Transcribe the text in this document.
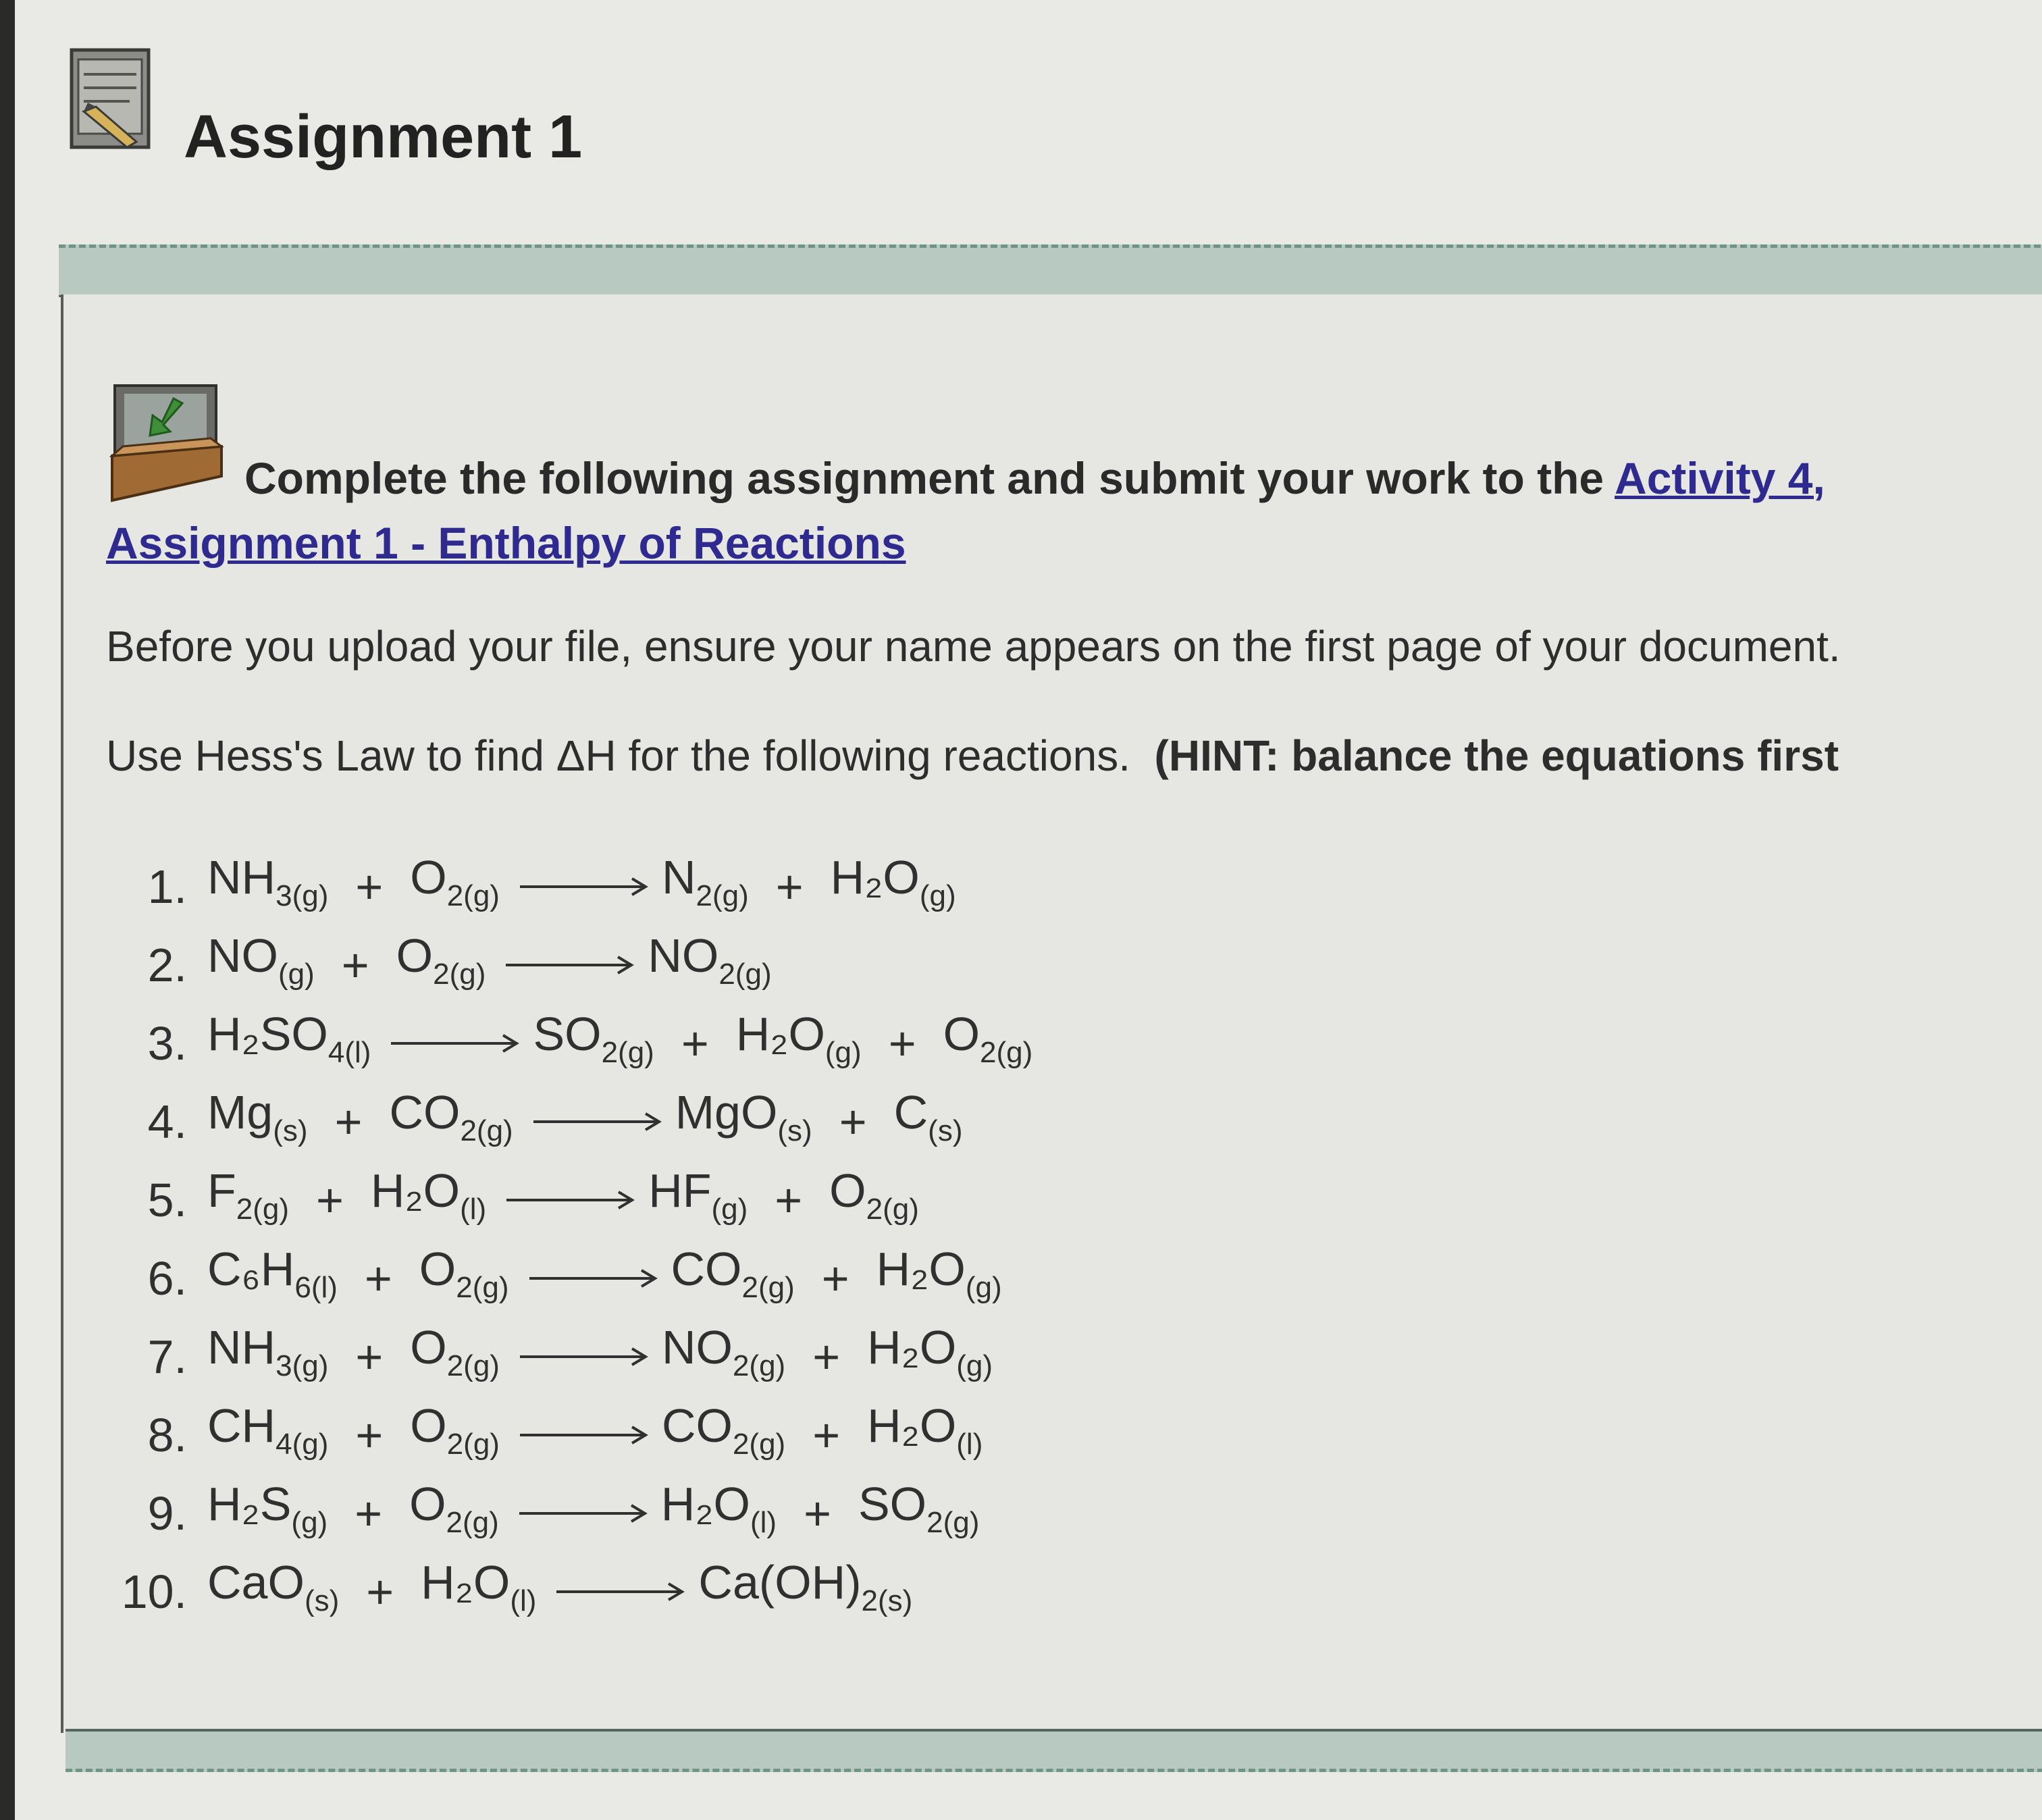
Assignment 1
Complete the following assignment and submit your work to the Activity 4, Assignment 1 - Enthalpy of Reactions
Before you upload your file, ensure your name appears on the first page of your document.
Use Hess's Law to find ΔH for the following reactions. (HINT: balance the equations first
1. $NH_{3(g)} + O_{2(g)} \to N_{2(g)} + H_2O_{(g)}$
2. $NO_{(g)} + O_{2(g)} \to NO_{2(g)}$
3. $H_2SO_{4(l)} \to SO_{2(g)} + H_2O_{(g)} + O_{2(g)}$
4. $Mg_{(s)} + CO_{2(g)} \to MgO_{(s)} + C_{(s)}$
5. $F_{2(g)} + H_2O_{(l)} \to HF_{(g)} + O_{2(g)}$
6. $C_6H_{6(l)} + O_{2(g)} \to CO_{2(g)} + H_2O_{(g)}$
7. $NH_{3(g)} + O_{2(g)} \to NO_{2(g)} + H_2O_{(g)}$
8. $CH_{4(g)} + O_{2(g)} \to CO_{2(g)} + H_2O_{(l)}$
9. $H_2S_{(g)} + O_{2(g)} \to H_2O_{(l)} + SO_{2(g)}$
10. $CaO_{(s)} + H_2O_{(l)} \to Ca(OH)_{2(s)}$
